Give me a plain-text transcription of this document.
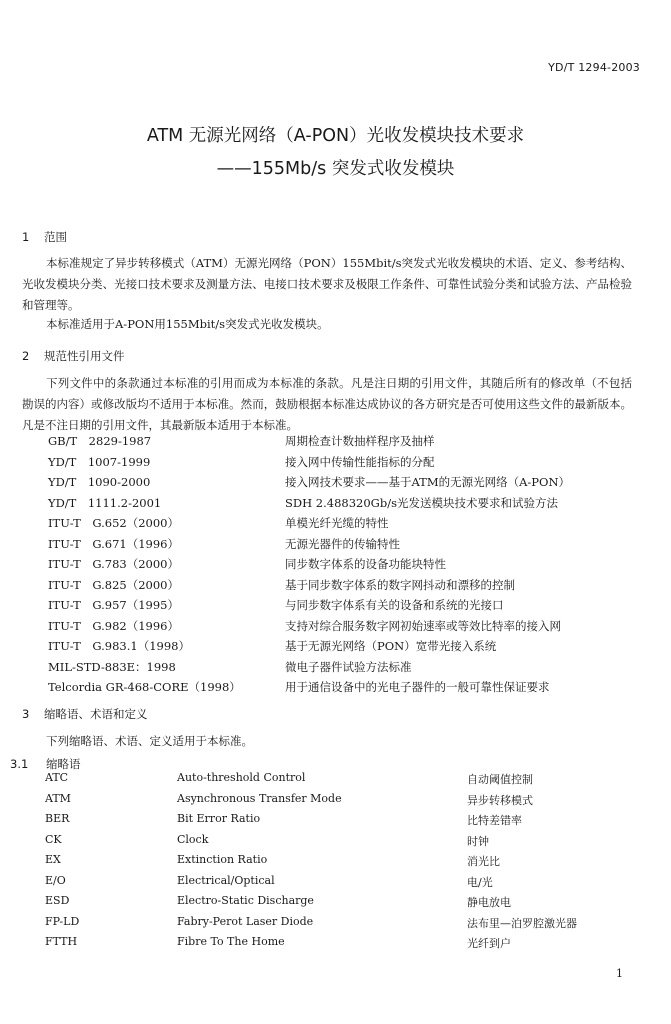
YD/T 1294-2003
ATM 无源光网络（A-PON）光收发模块技术要求
——155Mb/s 突发式收发模块
1 范围
本标准规定了异步转移模式（ATM）无源光网络（PON）155Mbit/s突发式光收发模块的术语、定义、参考结构、光收发模块分类、光接口技术要求及测量方法、电接口技术要求及极限工作条件、可靠性试验分类和试验方法、产品检验和管理等。
本标准适用于A-PON用155Mbit/s突发式光收发模块。
2 规范性引用文件
下列文件中的条款通过本标准的引用而成为本标准的条款。凡是注日期的引用文件，其随后所有的修改单（不包括勘误的内容）或修改版均不适用于本标准。然而，鼓励根据本标准达成协议的各方研究是否可使用这些文件的最新版本。凡是不注日期的引用文件，其最新版本适用于本标准。
GB/T　2829-1987	周期检查计数抽样程序及抽样
YD/T　1007-1999	接入网中传输性能指标的分配
YD/T　1090-2000	接入网技术要求——基于ATM的无源光网络（A-PON）
YD/T　1111.2-2001	SDH 2.488320Gb/s光发送模块技术要求和试验方法
ITU-T　G.652（2000）	单模光纤光缆的特性
ITU-T　G.671（1996）	无源光器件的传输特性
ITU-T　G.783（2000）	同步数字体系的设备功能块特性
ITU-T　G.825（2000）	基于同步数字体系的数字网抖动和漂移的控制
ITU-T　G.957（1995）	与同步数字体系有关的设备和系统的光接口
ITU-T　G.982（1996）	支持对综合服务数字网初始速率或等效比特率的接入网
ITU-T　G.983.1（1998）	基于无源光网络（PON）宽带光接入系统
MIL-STD-883E：1998	微电子器件试验方法标准
Telcordia GR-468-CORE（1998）	用于通信设备中的光电子器件的一般可靠性保证要求
3 缩略语、术语和定义
下列缩略语、术语、定义适用于本标准。
3.1 缩略语
ATC	Auto-threshold Control	自动阈值控制
ATM	Asynchronous Transfer Mode	异步转移模式
BER	Bit Error Ratio	比特差错率
CK	Clock	时钟
EX	Extinction Ratio	消光比
E/O	Electrical/Optical	电/光
ESD	Electro-Static Discharge	静电放电
FP-LD	Fabry-Perot Laser Diode	法布里—泊罗腔激光器
FTTH	Fibre To The Home	光纤到户
1
